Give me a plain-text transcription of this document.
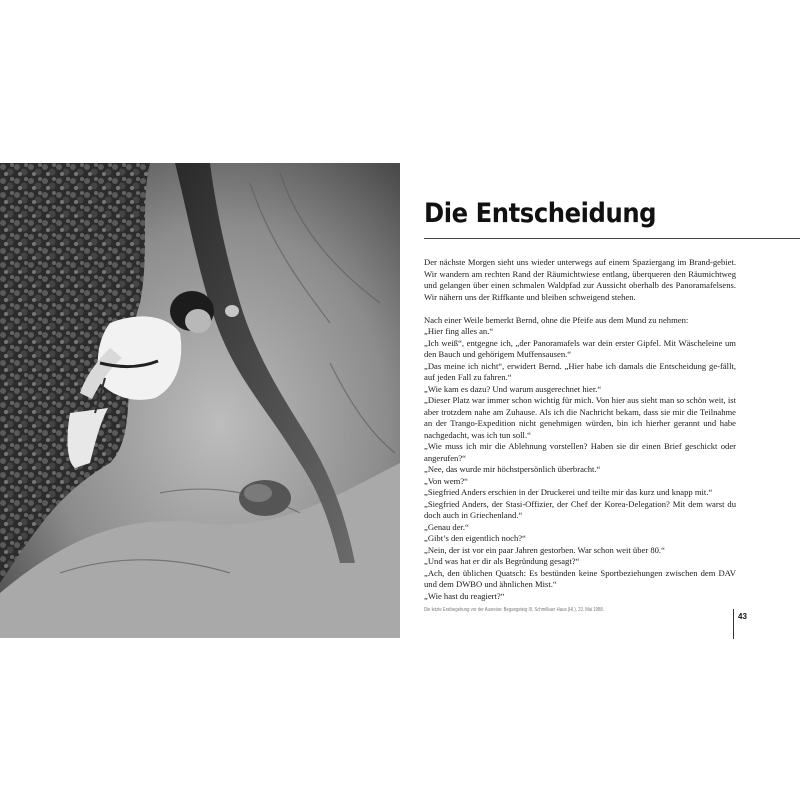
Die Entscheidung

Der nächste Morgen sieht uns wieder unterwegs auf einem Spaziergang im Brand-gebiet. Wir wandern am rechten Rand der Räumichtwiese entlang, überqueren den Räumichtweg und gelangen über einen schmalen Waldpfad zur Aussicht oberhalb des Panoramafelsens. Wir nähern uns der Riffkante und bleiben schweigend stehen.

Nach einer Weile bemerkt Bernd, ohne die Pfeife aus dem Mund zu nehmen:

„Hier fing alles an.“

„Ich weiß“, entgegne ich, „der Panoramafels war dein erster Gipfel. Mit Wäscheleine um den Bauch und gehörigem Muffensausen.“

„Das meine ich nicht“, erwidert Bernd. „Hier habe ich damals die Entscheidung ge-fällt, auf jeden Fall zu fahren.“

„Wie kam es dazu? Und warum ausgerechnet hier.“

„Dieser Platz war immer schon wichtig für mich. Von hier aus sieht man so schön weit, ist aber trotzdem nahe am Zuhause. Als ich die Nachricht bekam, dass sie mir die Teilnahme an der Trango-Expedition nicht genehmigen würden, bin ich hierher gerannt und habe nachgedacht, was ich tun soll.“

„Wie muss ich mir die Ablehnung vorstellen? Haben sie dir einen Brief geschickt oder angerufen?“

„Nee, das wurde mir höchstpersönlich überbracht.“

„Von wem?“

„Siegfried Anders erschien in der Druckerei und teilte mir das kurz und knapp mit.“

„Siegfried Anders, der Stasi-Offizier, der Chef der Korea-Delegation? Mit dem warst du doch auch in Griechenland.“

„Genau der.“

„Gibt’s den eigentlich noch?“

„Nein, der ist vor ein paar Jahren gestorben. War schon weit über 80.“

„Und was hat er dir als Begründung gesagt?“

„Ach, den üblichen Quatsch: Es bestünden keine Sportbeziehungen zwischen dem DAV und dem DWBO und ähnlichen Mist.“

„Wie hast du reagiert?“

Die letzte Erstbegehung vor der Ausreise: Begangsteig III, Schmilkaer Haus (Hl.), 23. Mai 1988.
43
